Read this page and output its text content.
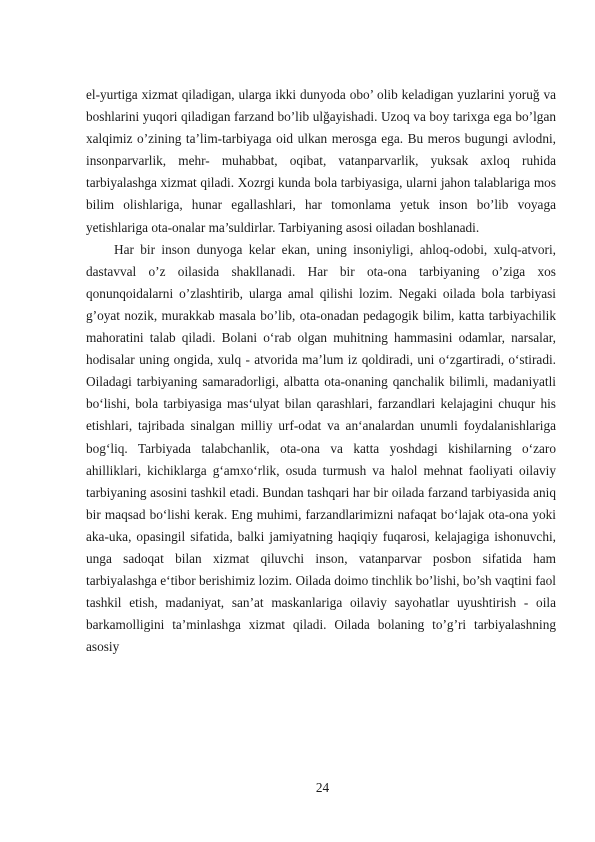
el-yurtiga xizmat qiladigan, ularga ikki dunyoda obo’ olib keladigan yuzlarini yoruğ va boshlarini yuqori qiladigan farzand bo’lib ulğayishadi. Uzoq va boy tarixga ega bo’lgan xalqimiz o’zining ta’lim-tarbiyaga oid ulkan merosga ega. Bu meros bugungi avlodni, insonparvarlik, mehr- muhabbat, oqibat, vatanparvarlik, yuksak axloq ruhida tarbiyalashga xizmat qiladi. Xozrgi kunda bola tarbiyasiga, ularni jahon talablariga mos bilim olishlariga, hunar egallashlari, har tomonlama yetuk inson bo’lib voyaga yetishlariga ota-onalar ma’suldirlar. Tarbiyaning asosi oiladan boshlanadi.

Har bir inson dunyoga kelar ekan, uning insoniyligi, ahloq-odobi, xulq-atvori, dastavval o’z oilasida shakllanadi. Har bir ota-ona tarbiyaning o’ziga xos qonunqoidalarni o’zlashtirib, ularga amal qilishi lozim. Negaki oilada bola tarbiyasi g’oyat nozik, murakkab masala bo’lib, ota-onadan pedagogik bilim, katta tarbiyachilik mahoratini talab qiladi. Bolani o‘rab olgan muhitning hammasini odamlar, narsalar, hodisalar uning ongida, xulq - atvorida ma’lum iz qoldiradi, uni o‘zgartiradi, o‘stiradi. Oiladagi tarbiyaning samaradorligi, albatta ota-onaning qanchalik bilimli, madaniyatli bo‘lishi, bola tarbiyasiga mas‘ulyat bilan qarashlari, farzandlari kelajagini chuqur his etishlari, tajribada sinalgan milliy urf-odat va an‘analardan unumli foydalanishlariga bog‘liq. Tarbiyada talabchanlik, ota-ona va katta yoshdagi kishilarning o‘zaro ahilliklari, kichiklarga g‘amxo‘rlik, osuda turmush va halol mehnat faoliyati oilaviy tarbiyaning asosini tashkil etadi. Bundan tashqari har bir oilada farzand tarbiyasida aniq bir maqsad bo‘lishi kerak. Eng muhimi, farzandlarimizni nafaqat bo‘lajak ota-ona yoki aka-uka, opasingil sifatida, balki jamiyatning haqiqiy fuqarosi, kelajagiga ishonuvchi, unga sadoqat bilan xizmat qiluvchi inson, vatanparvar posbon sifatida ham tarbiyalashga e‘tibor berishimiz lozim. Oilada doimo tinchlik bo’lishi, bo’sh vaqtini faol tashkil etish, madaniyat, san’at maskanlariga oilaviy sayohatlar uyushtirish - oila barkamolligini ta’minlashga xizmat qiladi. Oilada bolaning to’g’ri tarbiyalashning asosiy

24
